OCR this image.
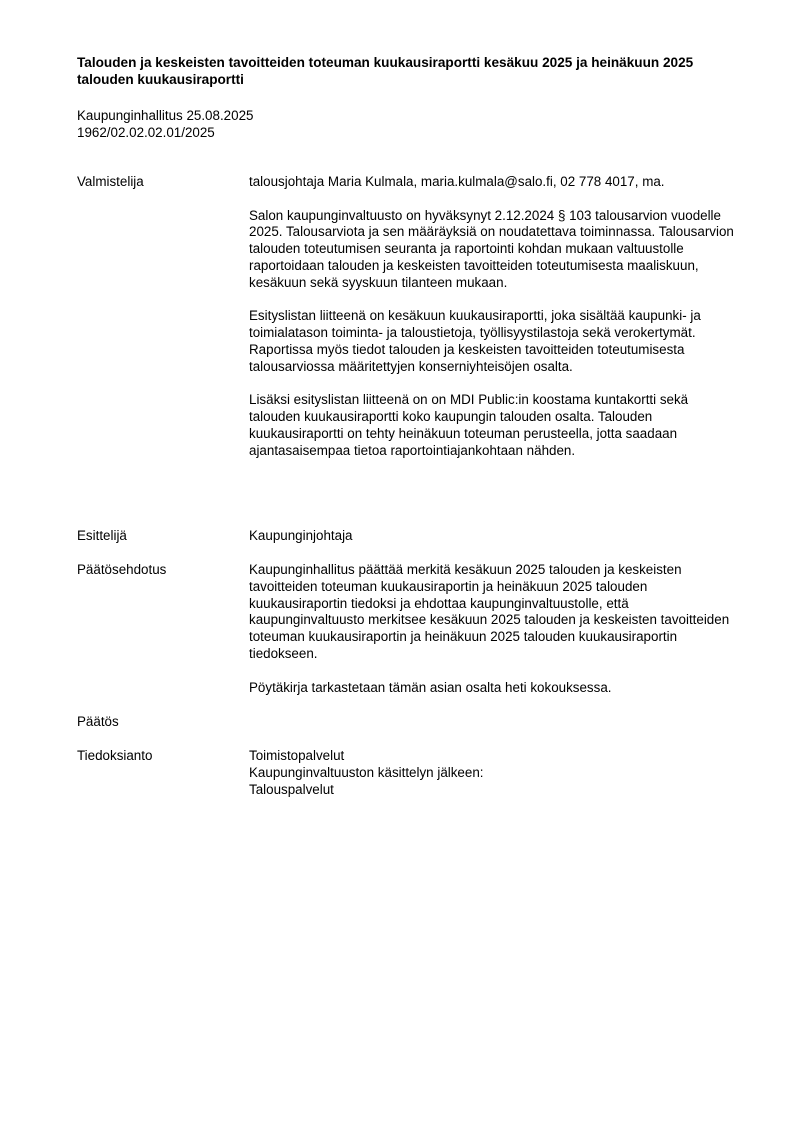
Talouden ja keskeisten tavoitteiden toteuman kuukausiraportti kesäkuu 2025 ja heinäkuun 2025 talouden kuukausiraportti
Kaupunginhallitus 25.08.2025
1962/02.02.02.01/2025
Valmistelija	talousjohtaja Maria Kulmala, maria.kulmala@salo.fi, 02 778 4017, ma.

Salon kaupunginvaltuusto on hyväksynyt 2.12.2024 § 103 talousarvion vuodelle 2025. Talousarviota ja sen määräyksiä on noudatettava toiminnassa. Talousarvion talouden toteutumisen seuranta ja raportointi kohdan mukaan valtuustolle raportoidaan talouden ja keskeisten tavoitteiden toteutumisesta maaliskuun, kesäkuun sekä syyskuun tilanteen mukaan.

Esityslistan liitteenä on kesäkuun kuukausiraportti, joka sisältää kaupunki- ja toimialatason toiminta- ja taloustietoja, työllisyystilastoja sekä verokertymät. Raportissa myös tiedot talouden ja keskeisten tavoitteiden toteutumisesta talousarviossa määritettyjen konserniyhteisöjen osalta.

Lisäksi esityslistan liitteenä on on MDI Public:in koostama kuntakortti sekä talouden kuukausiraportti koko kaupungin talouden osalta. Talouden kuukausiraportti on tehty heinäkuun toteuman perusteella, jotta saadaan ajantasaisempaa tietoa raportointiajankohtaan nähden.

Esittelijä	Kaupunginjohtaja
Päätösehdotus	Kaupunginhallitus päättää merkitä kesäkuun 2025 talouden ja keskeisten tavoitteiden toteuman kuukausiraportin ja heinäkuun 2025 talouden kuukausiraportin tiedoksi ja ehdottaa kaupunginvaltuustolle, että kaupunginvaltuusto merkitsee kesäkuun 2025 talouden ja keskeisten tavoitteiden toteuman kuukausiraportin ja heinäkuun 2025 talouden kuukausiraportin tiedokseen.

Pöytäkirja tarkastetaan tämän asian osalta heti kokouksessa.

Päätös
Tiedoksianto	Toimistopalvelut
Kaupunginvaltuuston käsittelyn jälkeen:
Talouspalvelut
